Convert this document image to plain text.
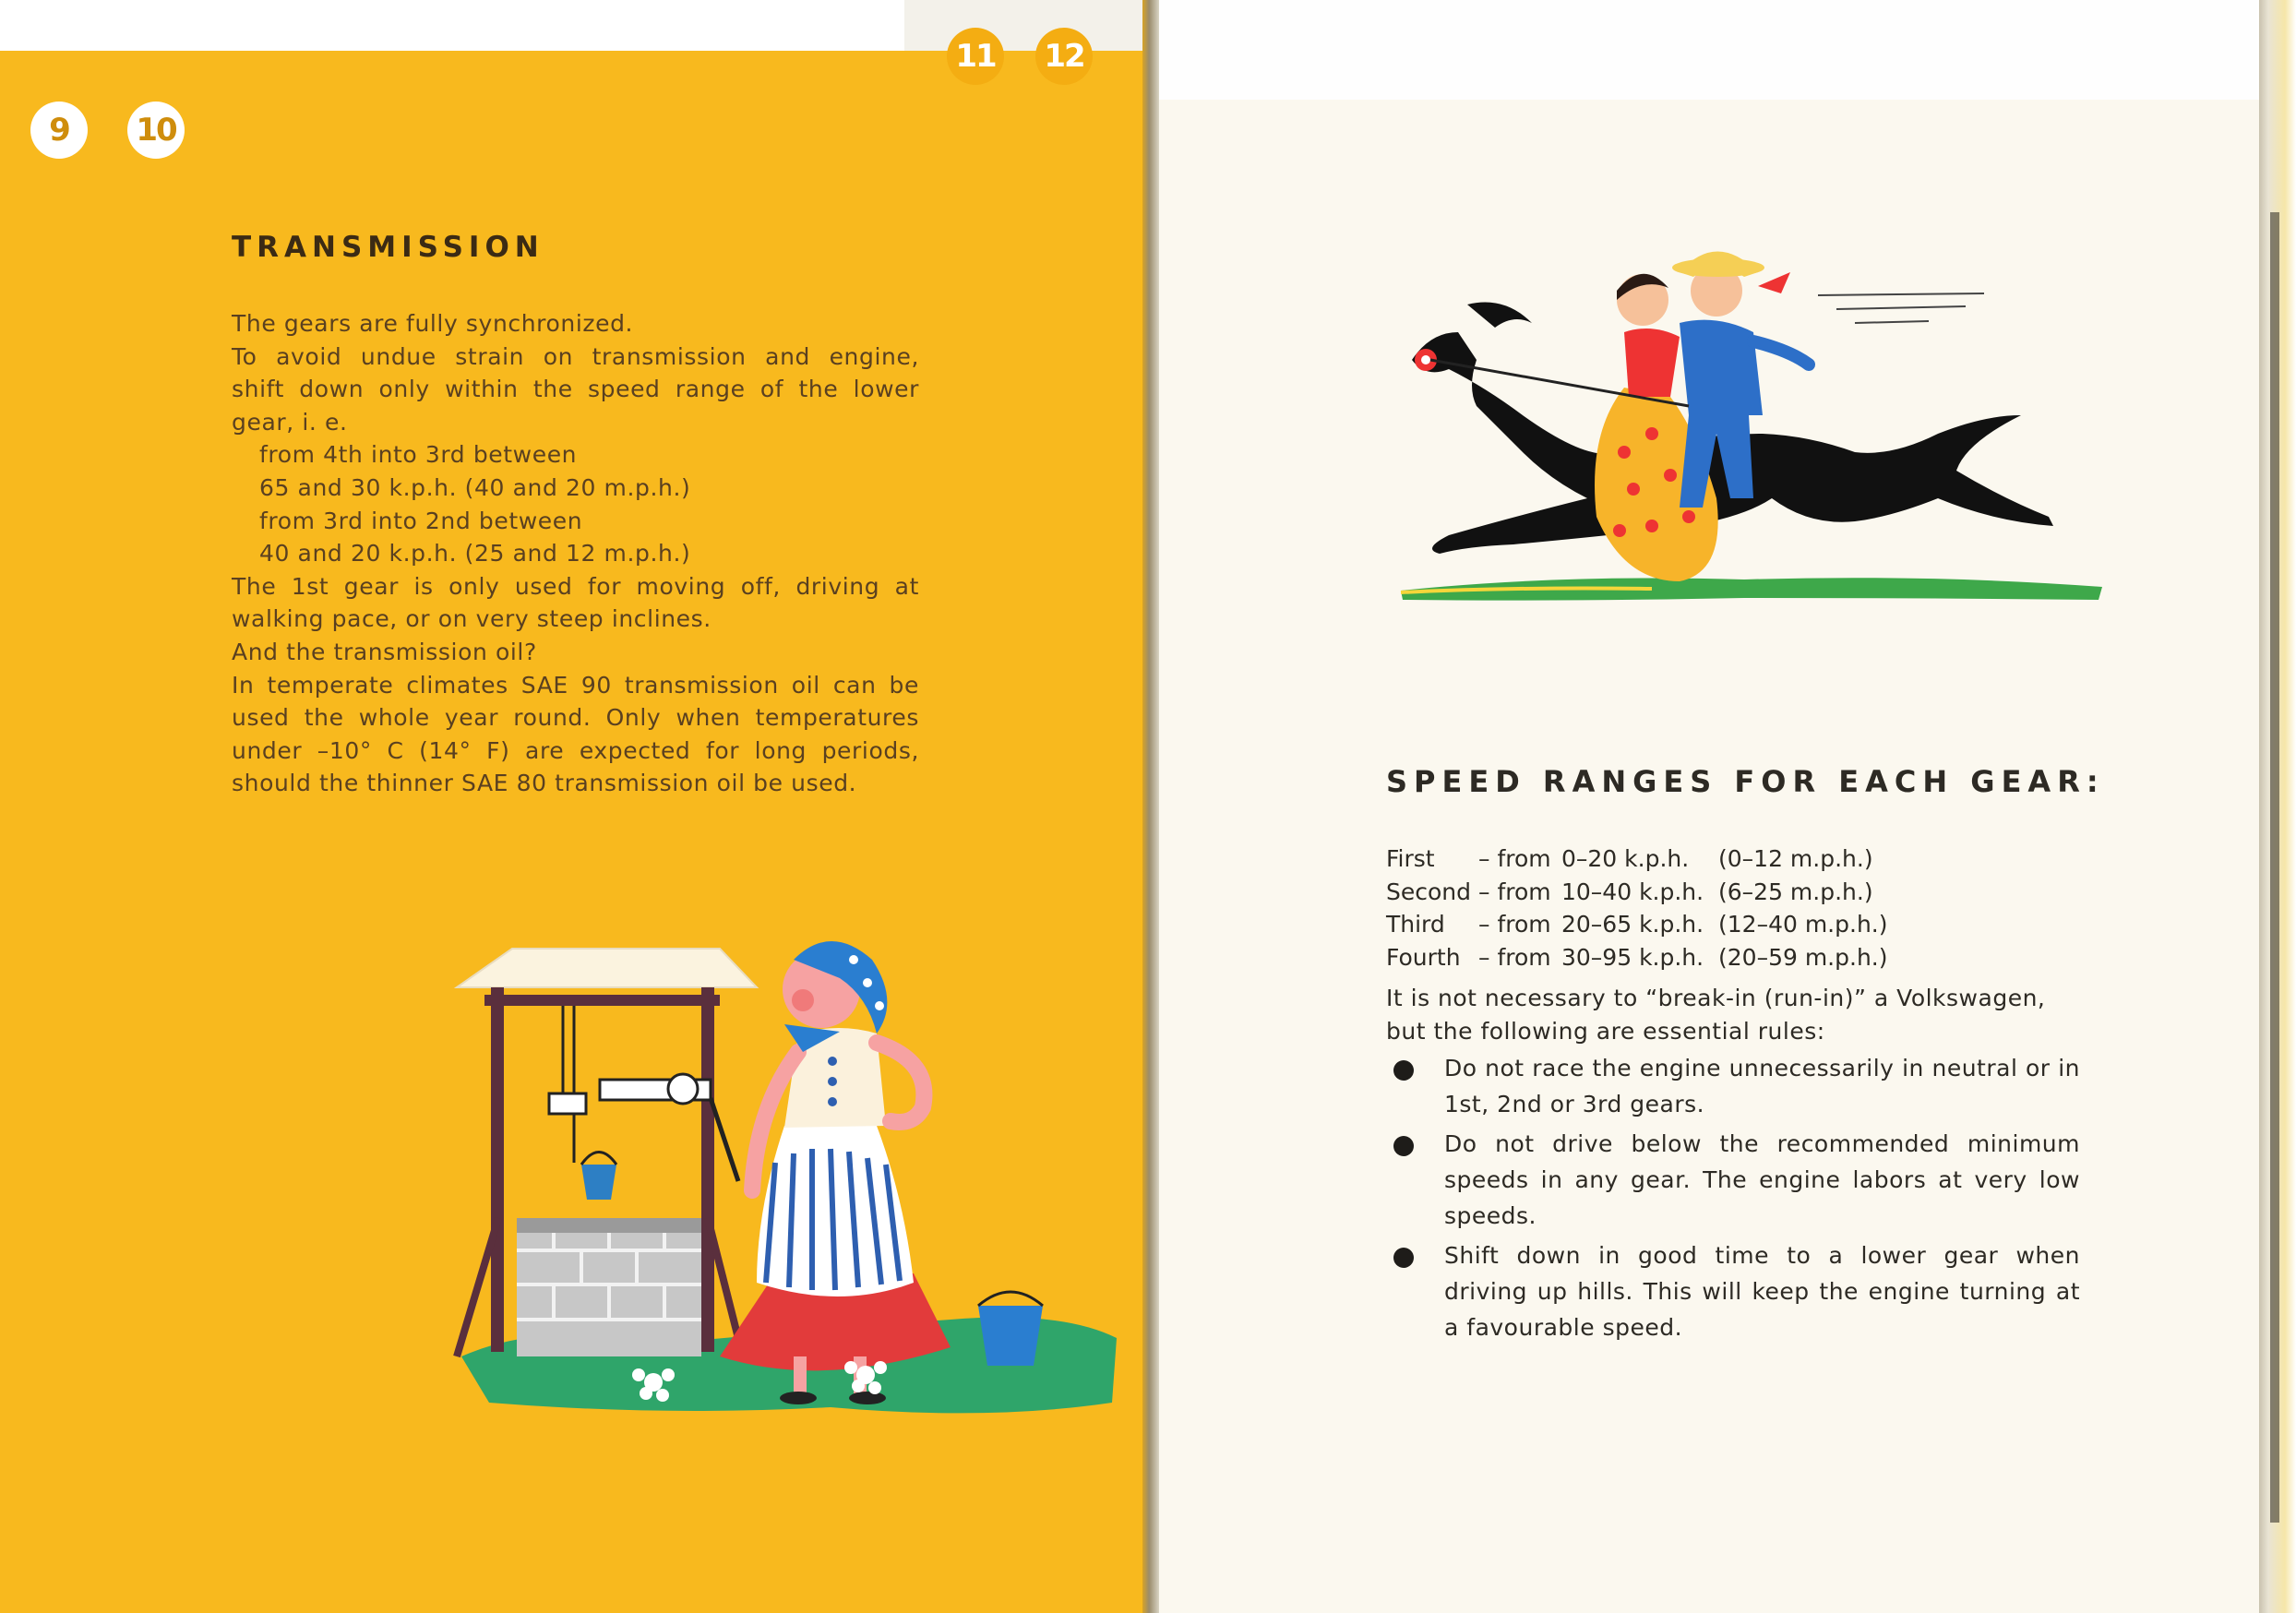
9	10
11 12
TRANSMISSION

The gears are fully synchronized.

To avoid undue strain on transmission and engine,

shift down only within the speed range of the lower

gear, i. e.

from 4th into 3rd between

65 and 30 k.p.h. (40 and 20 m.p.h.)

from 3rd into 2nd between

40 and 20 k.p.h. (25 and 12 m.p.h.)

The 1st gear is only used for moving off, driving at

walking pace, or on very steep inclines.

And the transmission oil?

In temperate climates SAE 90 transmission oil can be

used the whole year round. Only when temperatures

under –10° C (14° F) are expected for long periods,

should the thinner SAE 80 transmission oil be used.	SPEED RANGES FOR EACH GEAR:
First	– from 0–20 k.p.h.	(0–12 m.p.h.)
Second – from 10–40 k.p.h. (6–25 m.p.h.)
Third	– from 20–65 k.p.h. (12–40 m.p.h.)
Fourth – from 30–95 k.p.h. (20–59 m.p.h.)

It is not necessary to “break-in (run-in)” a Volkswagen,

but the following are essential rules:

Do not race the engine unnecessarily in neutral or in 1st, 2nd or 3rd gears.
Do not drive below the recommended minimum speeds in any gear. The engine labors at very low speeds.
Shift down in good time to a lower gear when driving up hills. This will keep the engine turning at a favourable speed.
